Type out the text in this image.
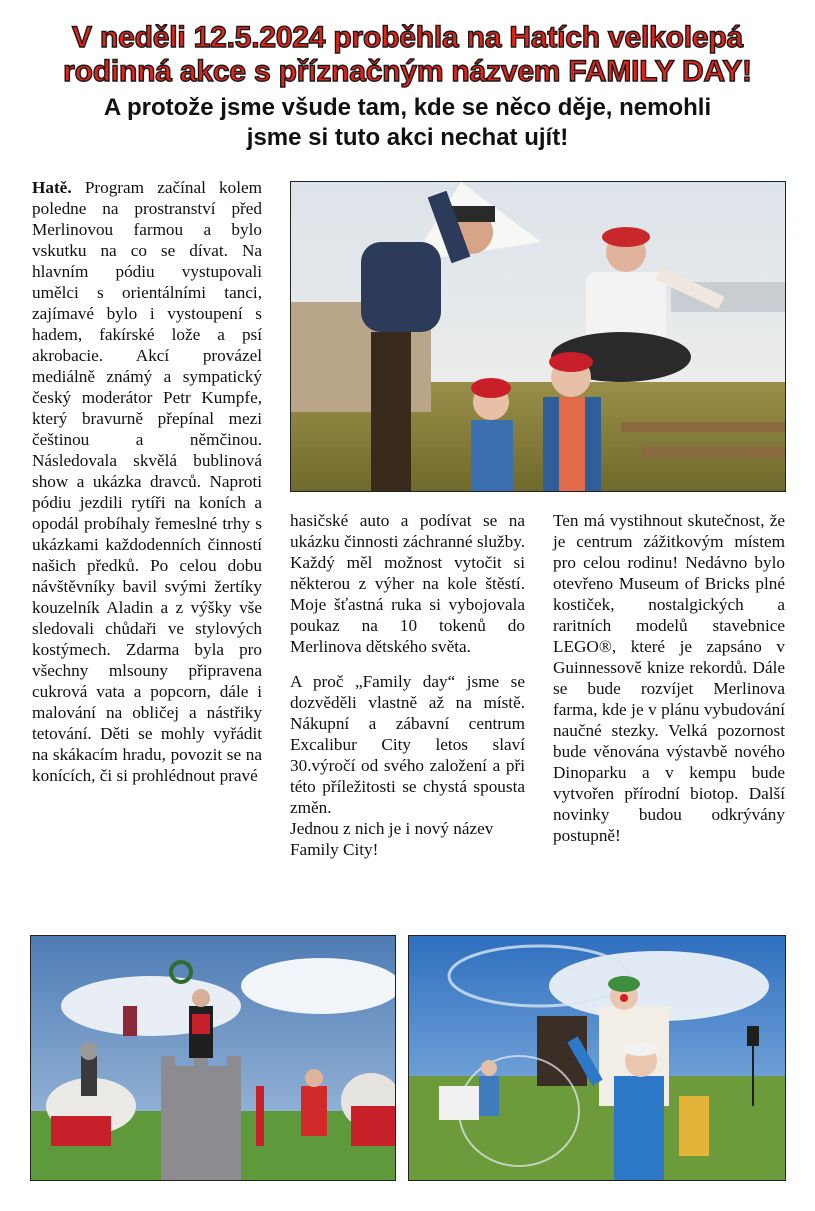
V neděli 12.5.2024 proběhla na Hatích velkolepá
rodinná akce s příznačným názvem FAMILY DAY!
A protože jsme všude tam, kde se něco děje, nemohli
jsme si tuto akci nechat ujít!

Hatě. Program začínal kolem poledne na prostranství před Merlinovou farmou a bylo vskutku na co se dívat. Na hlavním pódiu vystupovali umělci s orientálními tanci, zajímavé bylo i vystoupení s hadem, fakírské lože a psí akrobacie. Akcí provázel mediálně známý a sympatický český moderátor Petr Kumpfe, který bravurně přepínal mezi češtinou a němčinou. Následovala skvělá bublinová show a ukázka dravců. Naproti pódiu jezdili rytíři na koních a opodál probíhaly řemeslné trhy s ukázkami každodenních činností našich předků. Po celou dobu návštěvníky bavil svými žertíky kouzelník Aladin a z výšky vše sledovali chůdaři ve stylových kostýmech. Zdarma byla pro všechny mlsouny připravena cukrová vata a popcorn, dále i malování na obličej a nástřiky tetování. Děti se mohly vyřádit na skákacím hradu, povozit se na konících, či si prohlédnout pravé

hasičské auto a podívat se na ukázku činnosti záchranné služby. Každý měl možnost vytočit si některou z výher na kole štěstí. Moje šťastná ruka si vybojovala poukaz na 10 tokenů do Merlinova dětského světa.

A proč „Family day“ jsme se dozvěděli vlastně až na místě. Nákupní a zábavní centrum Excalibur City letos slaví 30.výročí od svého založení a při této příležitosti se chystá spousta změn.

Jednou z nich je i nový název Family City!

Ten má vystihnout skutečnost, že je centrum zážitkovým místem pro celou rodinu! Nedávno bylo otevřeno Museum of Bricks plné kostiček, nostalgických a raritních modelů stavebnice LEGO®, které je zapsáno v Guinnessově knize rekordů. Dále se bude rozvíjet Merlinova farma, kde je v plánu vybudování naučné stezky. Velká pozornost bude věnována výstavbě nového Dinoparku a v kempu bude vytvořen přírodní biotop. Další novinky budou odkrývány postupně!
